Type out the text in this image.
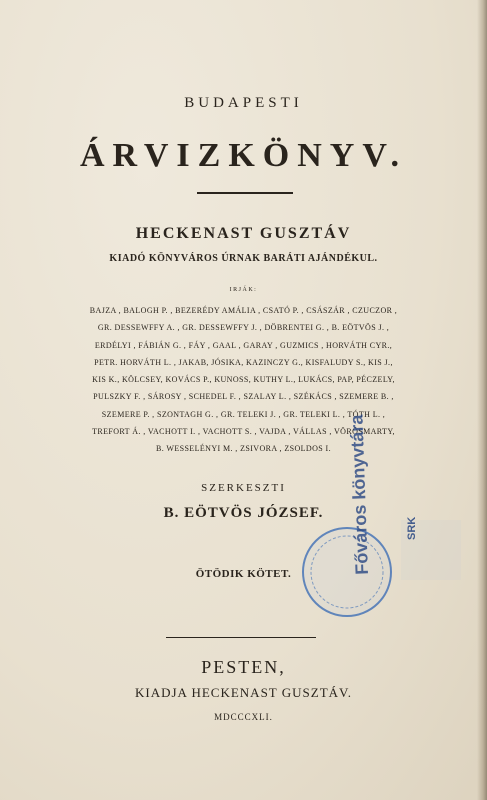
BUDAPESTI
ÁRVIZKÖNYV.
HECKENAST GUSZTÁV
KIADÓ KÖNYVÁROS ÚRNAK BARÁTI AJÁNDÉKUL.
IRJÁK:
BAJZA , BALOGH P. , BEZERÉDY AMÁLIA , CSATÓ P. , CSÁSZÁR , CZUCZOR ,
GR. DESSEWFFY A. , GR. DESSEWFFY J. , DÖBRENTEI G. , B. EÖTVÖS J. ,
ERDÉLYI , FÁBIÁN G. , FÁY , GAAL , GARAY , GUZMICS , HORVÁTH CYR.,
PETR. HORVÁTH L. , JAKAB, JÓSIKA, KAZINCZY G., KISFALUDY S., KIS J.,
KIS K., KÖLCSEY, KOVÁCS P., KUNOSS, KUTHY L., LUKÁCS, PAP, PÉCZELY,
PULSZKY F. , SÁROSY , SCHEDEL F. , SZALAY L. , SZÉKÁCS , SZEMERE B. ,
SZEMERE P. , SZONTAGH G. , GR. TELEKI J. , GR. TELEKI L. , TÓTH L. ,
TREFORT Á. , VACHOTT I. , VACHOTT S. , VAJDA , VÁLLAS , VÖRÖSMARTY,
B. WESSELÉNYI M. , ZSIVORA , ZSOLDOS I.
SZERKESZTI
B. EÖTVÖS JÓZSEF.
ÖTÖDIK KÖTET.	Főváros könyvtára	SRK
PESTEN,
KIADJA HECKENAST GUSZTÁV.
MDCCCXLI.
